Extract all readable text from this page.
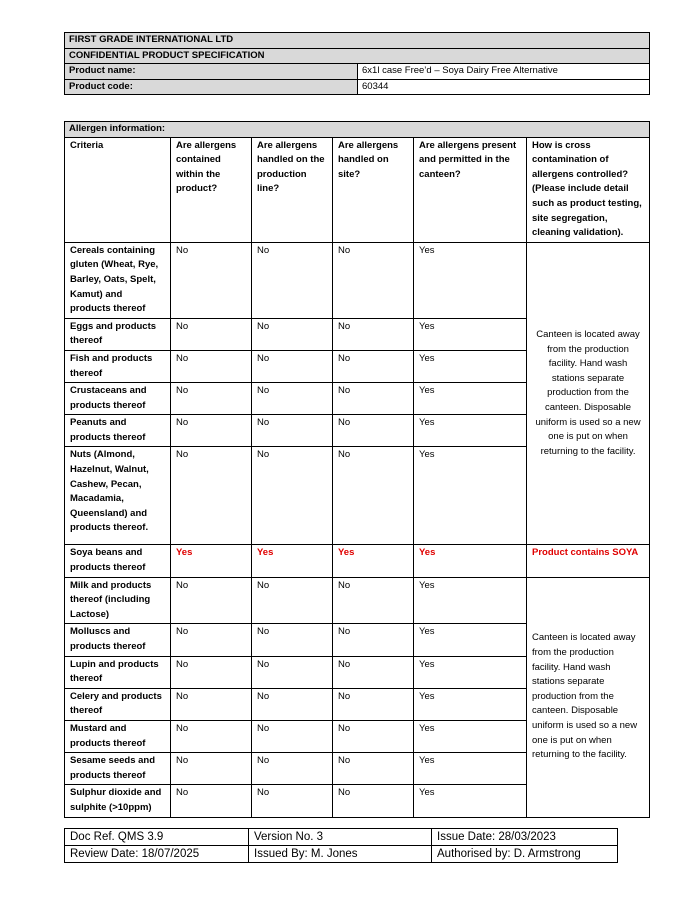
FIRST GRADE INTERNATIONAL LTD	
CONFIDENTIAL PRODUCT SPECIFICATION	
Product name:	6x1l case Free’d – Soya Dairy Free Alternative
Product code:	60344
Allergen information:					
Criteria	Are allergens contained within the product?	Are allergens handled on the production line?	Are allergens handled on site?	Are allergens present and permitted in the canteen?	How is cross contamination of allergens controlled? (Please include detail such as product testing, site segregation, cleaning validation).
Cereals containing gluten (Wheat, Rye, Barley, Oats, Spelt, Kamut) and products thereof	No	No	No	Yes	Canteen is located away from the production facility. Hand wash stations separate production from the canteen. Disposable uniform is used so a new one is put on when returning to the facility.
Eggs and products thereof	No	No	No	Yes	
Fish and products thereof	No	No	No	Yes	
Crustaceans and products thereof	No	No	No	Yes	
Peanuts and products thereof	No	No	No	Yes	
Nuts (Almond, Hazelnut, Walnut, Cashew, Pecan, Macadamia, Queensland) and products thereof.	No	No	No	Yes	
Soya beans and products thereof	Yes	Yes	Yes	Yes	Product contains SOYA
Milk and products thereof (including Lactose)	No	No	No	Yes	Canteen is located away from the production facility. Hand wash stations separate production from the canteen. Disposable uniform is used so a new one is put on when returning to the facility.
Molluscs and products thereof	No	No	No	Yes	
Lupin and products thereof	No	No	No	Yes	
Celery and products thereof	No	No	No	Yes	
Mustard and products thereof	No	No	No	Yes	
Sesame seeds and products thereof	No	No	No	Yes	
Sulphur dioxide and sulphite (>10ppm)	No	No	No	Yes	
Doc Ref. QMS 3.9	Version No. 3	Issue Date: 28/03/2023
Review Date: 18/07/2025	Issued By: M. Jones	Authorised by: D. Armstrong
